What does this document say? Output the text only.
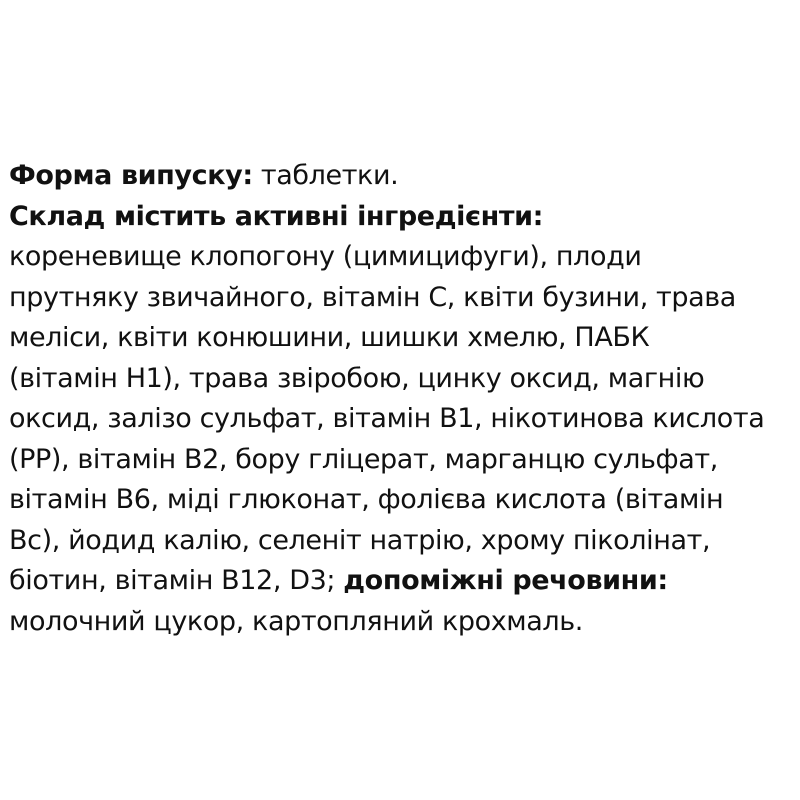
Форма випуску: таблетки.
Склад містить активні інгредієнти:
кореневище клопогону (цимицифуги), плоди
прутняку звичайного, вітамін С, квіти бузини, трава
меліси, квіти конюшини, шишки хмелю, ПАБК
(вітамін Н1), трава звіробою, цинку оксид, магнію
оксид, залізо сульфат, вітамін В1, нікотинова кислота
(РР), вітамін В2, бору гліцерат, марганцю сульфат,
вітамін В6, міді глюконат, фолієва кислота (вітамін
Вс), йодид калію, селеніт натрію, хрому піколінат,
біотин, вітамін В12, D3; допоміжні речовини:
молочний цукор, картопляний крохмаль.
